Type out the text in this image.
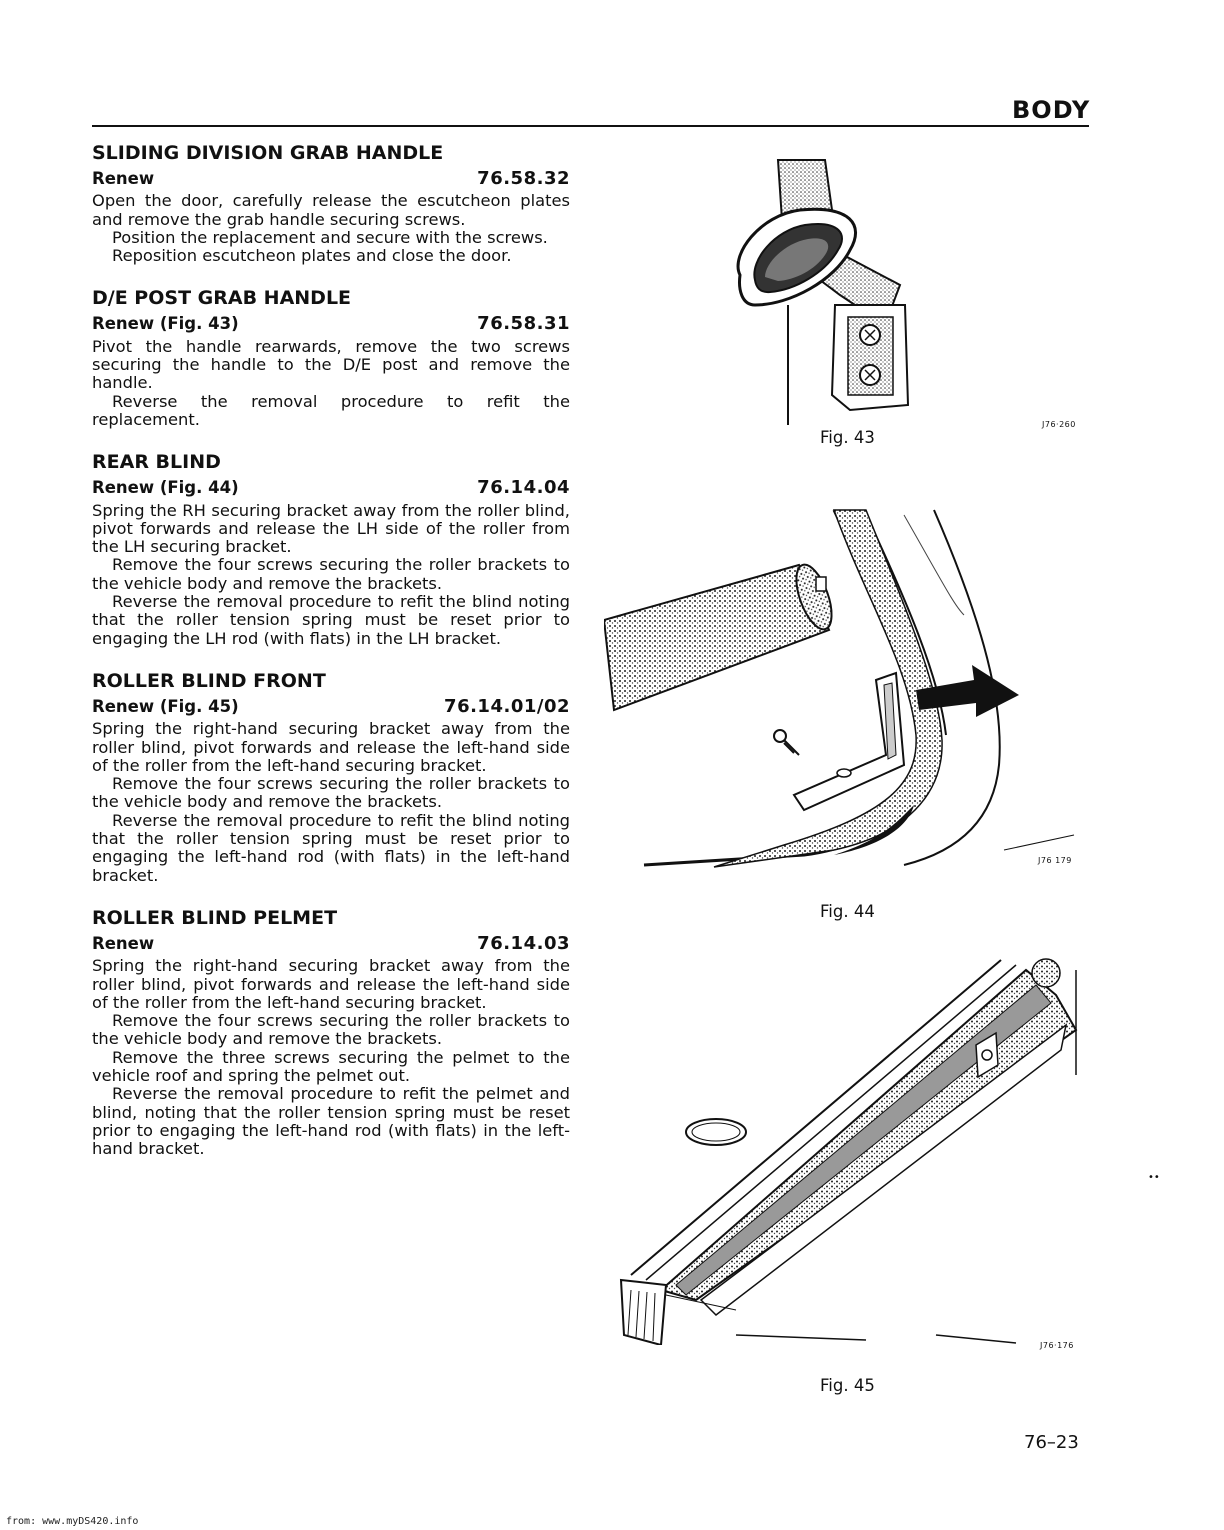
BODY
SLIDING DIVISION GRAB HANDLE
Renew	76.58.32

Open the door, carefully release the escutcheon plates and remove the grab handle securing screws.

Position the replacement and secure with the screws.

Reposition escutcheon plates and close the door.

D/E POST GRAB HANDLE
Renew (Fig. 43)	76.58.31

Pivot the handle rearwards, remove the two screws securing the handle to the D/E post and remove the handle.

Reverse the removal procedure to refit the replacement.

REAR BLIND
Renew (Fig. 44)	76.14.04

Spring the RH securing bracket away from the roller blind, pivot forwards and release the LH side of the roller from the LH securing bracket.

Remove the four screws securing the roller brackets to the vehicle body and remove the brackets.

Reverse the removal procedure to refit the blind noting that the roller tension spring must be reset prior to engaging the LH rod (with flats) in the LH bracket.

ROLLER BLIND FRONT
Renew (Fig. 45)	76.14.01/02

Spring the right-hand securing bracket away from the roller blind, pivot forwards and release the left-hand side of the roller from the left-hand securing bracket.

Remove the four screws securing the roller brackets to the vehicle body and remove the brackets.

Reverse the removal procedure to refit the blind noting that the roller tension spring must be reset prior to engaging the left-hand rod (with flats) in the left-hand bracket.

ROLLER BLIND PELMET
Renew	76.14.03

Spring the right-hand securing bracket away from the roller blind, pivot forwards and release the left-hand side of the roller from the left-hand securing bracket.

Remove the four screws securing the roller brackets to the vehicle body and remove the brackets.

Remove the three screws securing the pelmet to the vehicle roof and spring the pelmet out.

Reverse the removal procedure to refit the pelmet and blind, noting that the roller tension spring must be reset prior to engaging the left-hand rod (with flats) in the left-hand bracket.

J76·260
Fig. 43
J76 179
Fig. 44
J76·176
Fig. 45
••

76–23

from: www.myDS420.info
